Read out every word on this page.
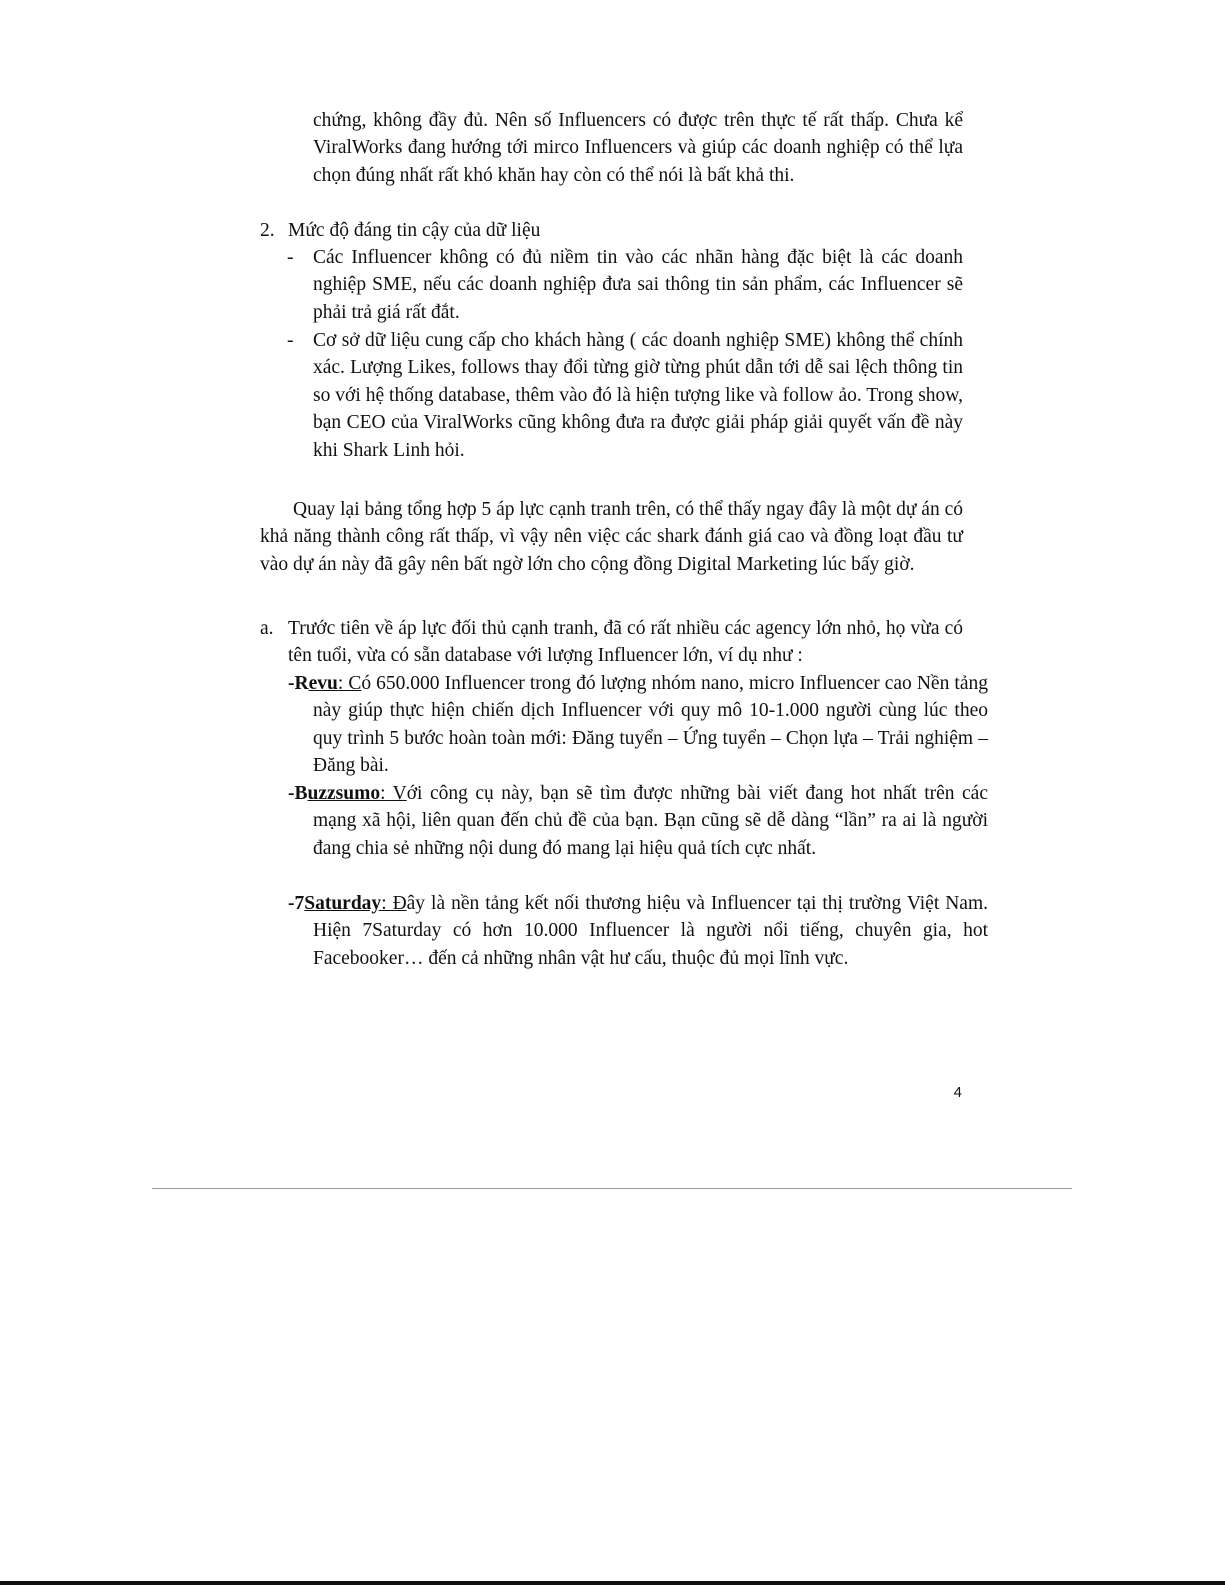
chứng, không đầy đủ. Nên số Influencers có được trên thực tế rất thấp. Chưa kể ViralWorks đang hướng tới mirco Influencers và giúp các doanh nghiệp có thể lựa chọn đúng nhất rất khó khăn hay còn có thể nói là bất khả thi.

2. Mức độ đáng tin cậy của dữ liệu
- Các Influencer không có đủ niềm tin vào các nhãn hàng đặc biệt là các doanh nghiệp SME, nếu các doanh nghiệp đưa sai thông tin sản phẩm, các Influencer sẽ phải trả giá rất đắt.

- Cơ sở dữ liệu cung cấp cho khách hàng ( các doanh nghiệp SME) không thể chính xác. Lượng Likes, follows thay đổi từng giờ từng phút dẫn tới dễ sai lệch thông tin so với hệ thống database, thêm vào đó là hiện tượng like và follow ảo. Trong show, bạn CEO của ViralWorks cũng không đưa ra được giải pháp giải quyết vấn đề này khi Shark Linh hỏi.

Quay lại bảng tổng hợp 5 áp lực cạnh tranh trên, có thể thấy ngay đây là một dự án có khả năng thành công rất thấp, vì vậy nên việc các shark đánh giá cao và đồng loạt đầu tư vào dự án này đã gây nên bất ngờ lớn cho cộng đồng Digital Marketing lúc bấy giờ.

a. Trước tiên về áp lực đối thủ cạnh tranh, đã có rất nhiều các agency lớn nhỏ, họ vừa có tên tuổi, vừa có sẵn database với lượng Influencer lớn, ví dụ như :

-Revu: Có 650.000 Influencer trong đó lượng nhóm nano, micro Influencer cao Nền tảng này giúp thực hiện chiến dịch Influencer với quy mô 10-1.000 người cùng lúc theo quy trình 5 bước hoàn toàn mới: Đăng tuyển – Ứng tuyển – Chọn lựa – Trải nghiệm – Đăng bài.

-Buzzsumo: Với công cụ này, bạn sẽ tìm được những bài viết đang hot nhất trên các mạng xã hội, liên quan đến chủ đề của bạn. Bạn cũng sẽ dễ dàng “lần” ra ai là người đang chia sẻ những nội dung đó mang lại hiệu quả tích cực nhất.

-7Saturday: Đây là nền tảng kết nối thương hiệu và Influencer tại thị trường Việt Nam. Hiện 7Saturday có hơn 10.000 Influencer là người nổi tiếng, chuyên gia, hot Facebooker… đến cả những nhân vật hư cấu, thuộc đủ mọi lĩnh vực.

4
